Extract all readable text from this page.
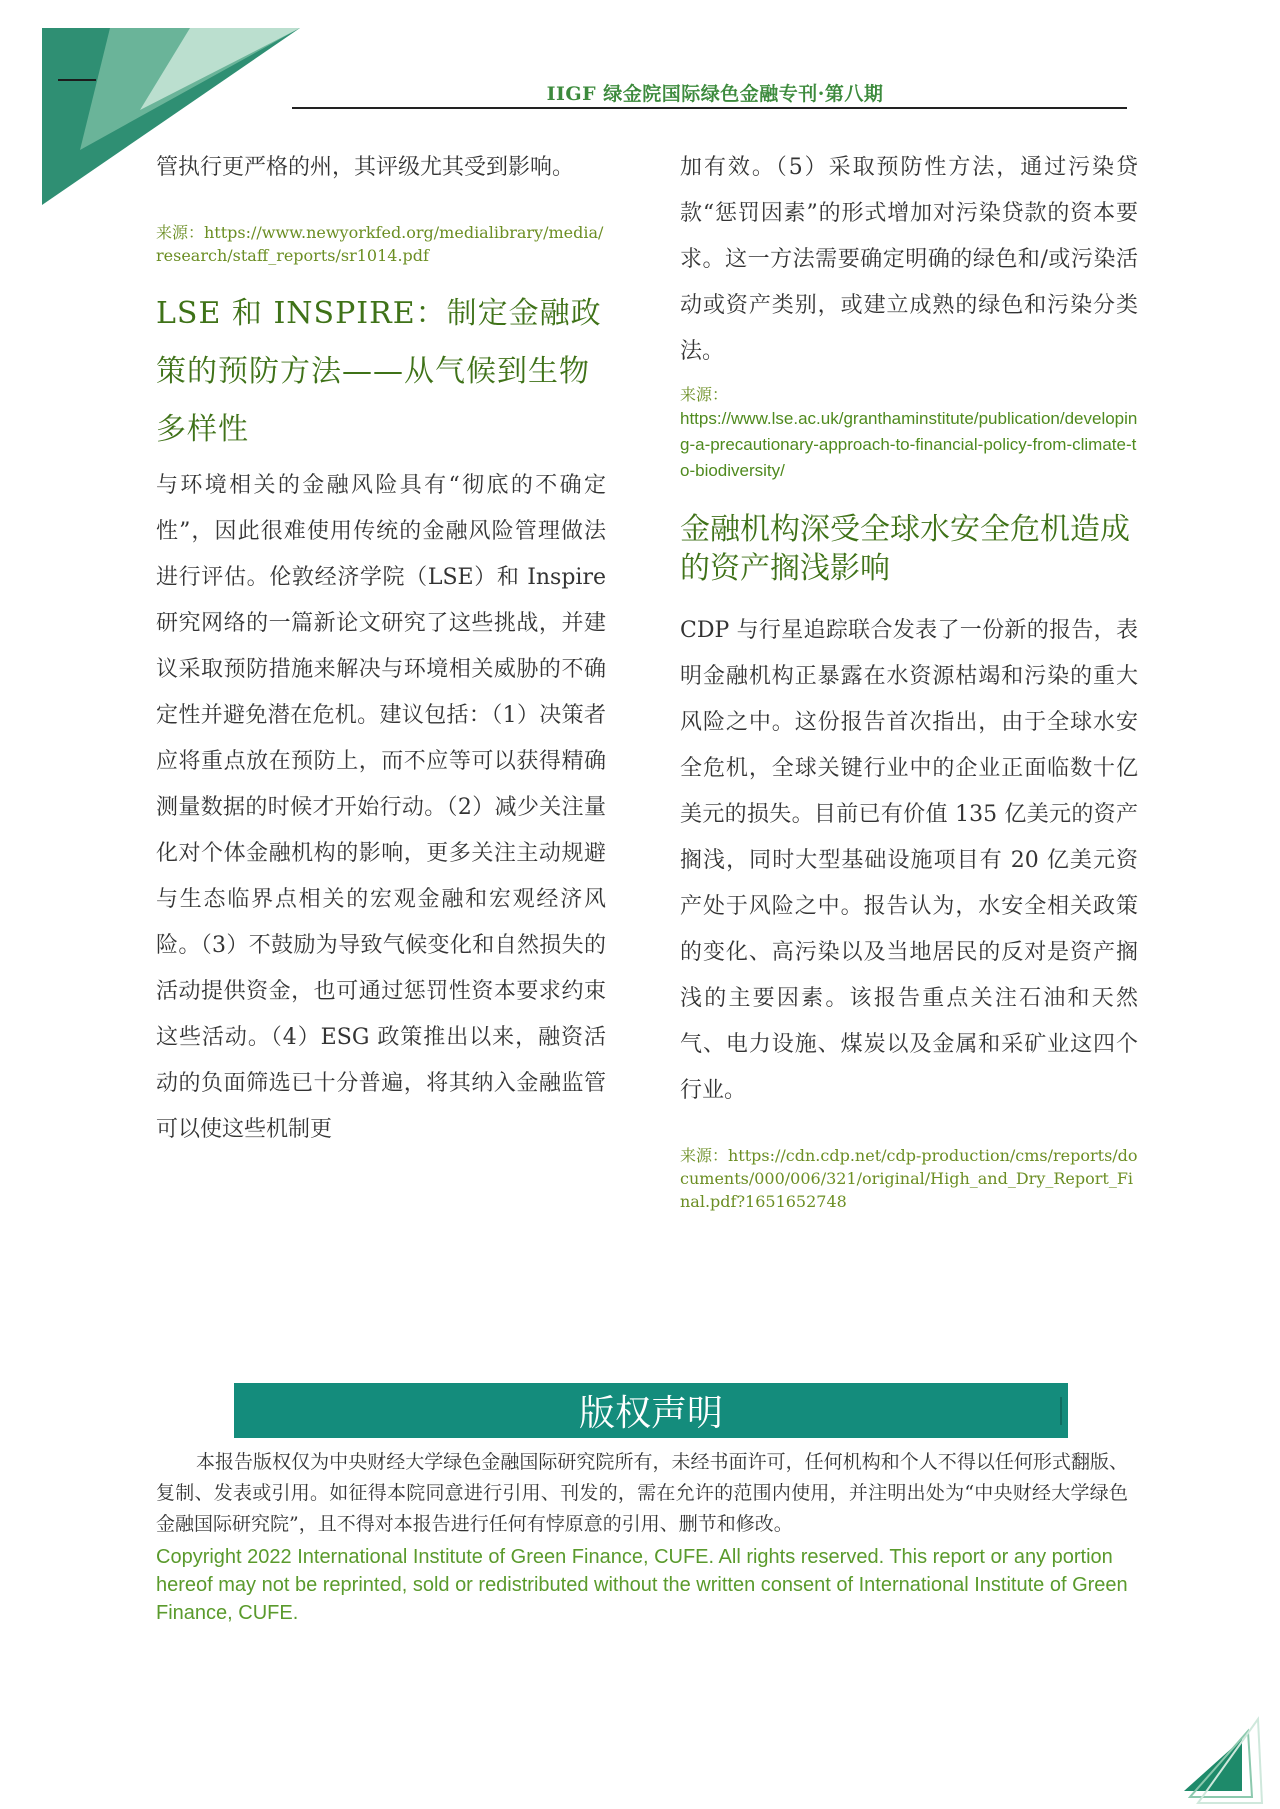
IIGF 绿金院国际绿色金融专刊·第八期

管执行更严格的州，其评级尤其受到影响。

来源：https://www.newyorkfed.org/medialibrary/media/research/staff_reports/sr1014.pdf

LSE 和 INSPIRE：制定金融政策的预防方法——从气候到生物多样性

与环境相关的金融风险具有“彻底的不确定性”，因此很难使用传统的金融风险管理做法进行评估。伦敦经济学院（LSE）和 Inspire 研究网络的一篇新论文研究了这些挑战，并建议采取预防措施来解决与环境相关威胁的不确定性并避免潜在危机。建议包括：（1）决策者应将重点放在预防上，而不应等可以获得精确测量数据的时候才开始行动。（2）减少关注量化对个体金融机构的影响，更多关注主动规避与生态临界点相关的宏观金融和宏观经济风险。（3）不鼓励为导致气候变化和自然损失的活动提供资金，也可通过惩罚性资本要求约束这些活动。（4）ESG 政策推出以来，融资活动的负面筛选已十分普遍，将其纳入金融监管可以使这些机制更

加有效。（5）采取预防性方法，通过污染贷款“惩罚因素”的形式增加对污染贷款的资本要求。这一方法需要确定明确的绿色和/或污染活动或资产类别，或建立成熟的绿色和污染分类法。

来源：

https://www.lse.ac.uk/granthaminstitute/publication/developing-a-precautionary-approach-to-financial-policy-from-climate-to-biodiversity/

金融机构深受全球水安全危机造成的资产搁浅影响

CDP 与行星追踪联合发表了一份新的报告，表明金融机构正暴露在水资源枯竭和污染的重大风险之中。这份报告首次指出，由于全球水安全危机，全球关键行业中的企业正面临数十亿美元的损失。目前已有价值 135 亿美元的资产搁浅，同时大型基础设施项目有 20 亿美元资产处于风险之中。报告认为，水安全相关政策的变化、高污染以及当地居民的反对是资产搁浅的主要因素。该报告重点关注石油和天然气、电力设施、煤炭以及金属和采矿业这四个行业。

来源：https://cdn.cdp.net/cdp-production/cms/reports/documents/000/006/321/original/High_and_Dry_Report_Final.pdf?1651652748

版权声明

本报告版权仅为中央财经大学绿色金融国际研究院所有，未经书面许可，任何机构和个人不得以任何形式翻版、复制、发表或引用。如征得本院同意进行引用、刊发的，需在允许的范围内使用，并注明出处为“中央财经大学绿色金融国际研究院”，且不得对本报告进行任何有悖原意的引用、删节和修改。

Copyright 2022 International Institute of Green Finance, CUFE. All rights reserved. This report or any portion hereof may not be reprinted, sold or redistributed without the written consent of International Institute of Green Finance, CUFE.
